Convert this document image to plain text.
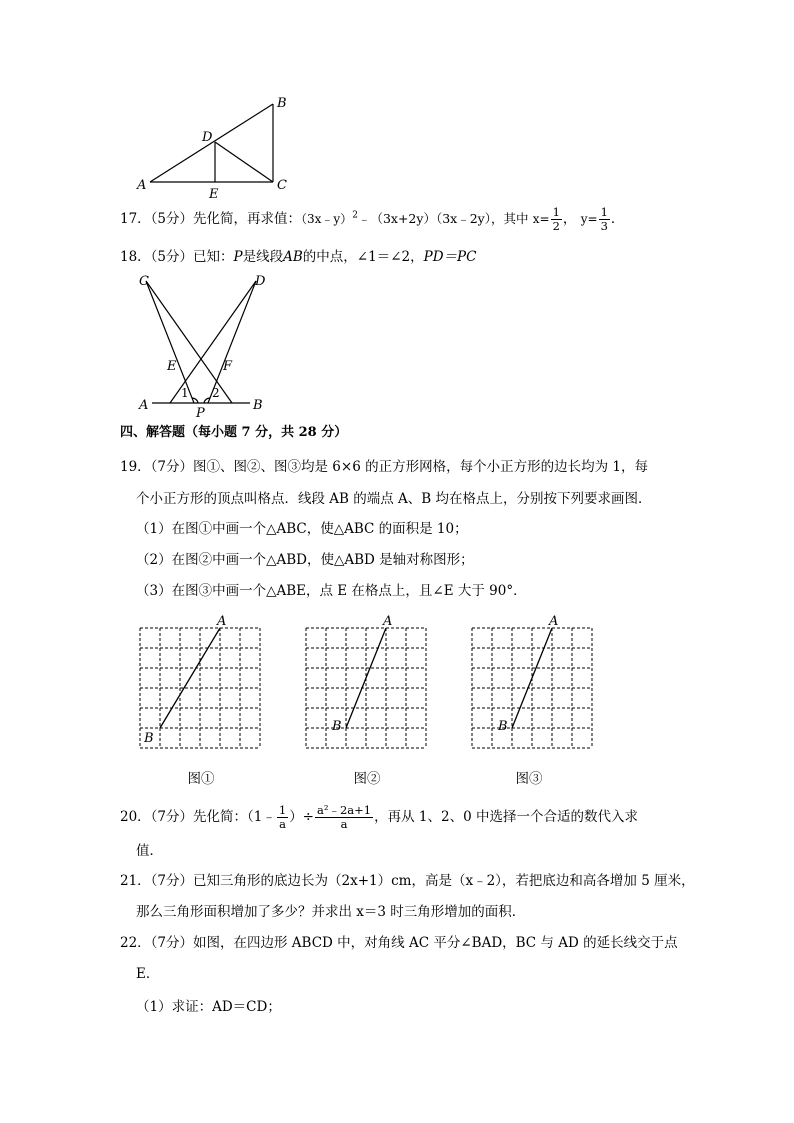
A
B
C
D
E
17．（5分）先化简，再求值：（3x﹣y）$^2$﹣（3x+2y）（3x﹣2y），其中 $x= \frac{1}{2}$ ， $y= \frac{1}{3}$ ．
18．（5分）已知：P是线段AB的中点，∠1＝∠2，PD＝PC
C	D
E	F
1 2
A
P
B
四、解答题（每小题 7 分，共 28 分）
19．（7分）图①、图②、图③均是 6×6 的正方形网格，每个小正方形的边长均为 1，每
个小正方形的顶点叫格点．线段 AB 的端点 A、B 均在格点上，分别按下列要求画图．
（1）在图①中画一个△ABC，使△ABC 的面积是 10；
（2）在图②中画一个△ABD，使△ABD 是轴对称图形；
（3）在图③中画一个△ABE，点 E 在格点上，且∠E 大于 90°．
A
B
A
B
A
B
图①	图②	图③
20．（7分）先化简：（1﹣ $\frac{1}{a}$ ）÷ $\frac{\text{a²﹣2a+1}}{a}$ ，再从 1、2、0 中选择一个合适的数代入求
值．
21．（7分）已知三角形的底边长为（2x+1）cm，高是（x﹣2），若把底边和高各增加 5 厘米，
那么三角形面积增加了多少？并求出 x＝3 时三角形增加的面积．
22．（7分）如图，在四边形 ABCD 中，对角线 AC 平分∠BAD，BC 与 AD 的延长线交于点
E．
（1）求证：AD＝CD；
